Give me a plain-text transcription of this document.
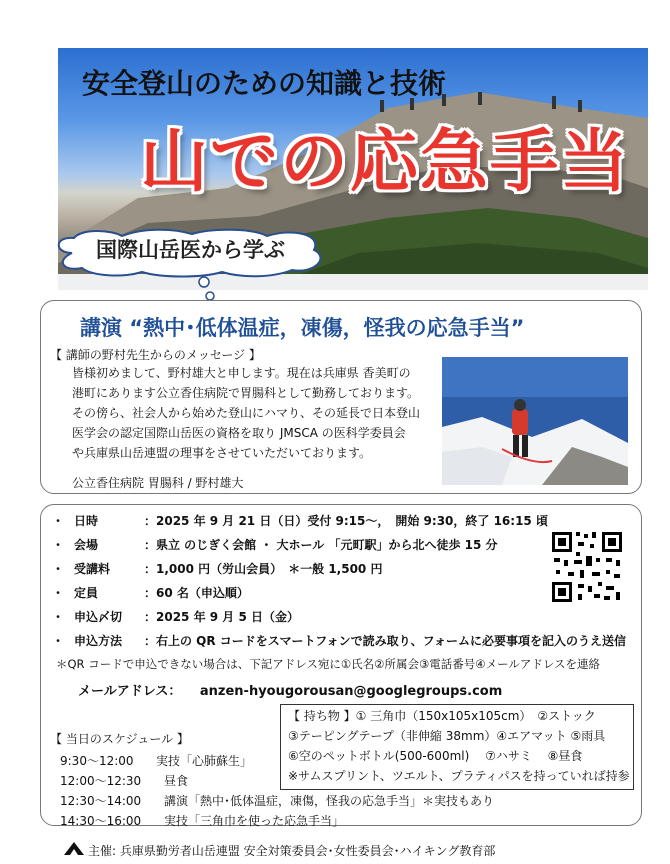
安全登山のための知識と技術
山での応急手当
国際山岳医から学ぶ
講演 “熱中･低体温症，凍傷，怪我の応急手当”
【 講師の野村先生からのメッセージ 】
皆様初めまして、野村雄大と申します。現在は兵庫県 香美町の
港町にあります公立香住病院で胃腸科として勤務しております。
その傍ら、社会人から始めた登山にハマり、その延長で日本登山
医学会の認定国際山岳医の資格を取り JMSCA の医科学委員会
や兵庫県山岳連盟の理事をさせていただいております。
公立香住病院 胃腸科 / 野村雄大
・ 日時	：2025 年 9 月 21 日（日）受付 9:15～，　開始 9:30，終了 16:15 頃
・ 会場	：県立 のじぎく会館 ・ 大ホール 「元町駅」から北へ徒歩 15 分
・ 受講料	：1,000 円（労山会員）　＊一般 1,500 円
・ 定員	：60 名（申込順）
・ 申込〆切 ：2025 年 9 月 5 日（金）
・ 申込方法 ：右上の QR コードをスマートフォンで読み取り、フォームに必要事項を記入のうえ送信
＊QR コードで申込できない場合は、下記アドレス宛に①氏名②所属会③電話番号④メールアドレスを連絡
メールアドレス： anzen-hyougorousan@googlegroups.com
【 持ち物 】① 三角巾（150x105x105cm）　②ストック
③テーピングテープ（非伸縮 38mm）④エアマット ⑤雨具
⑥空のペットボトル(500-600ml)　 ⑦ハサミ　 ⑧昼食
※サムスプリント、ツエルト、プラティパスを持っていれば持参
【 当日のスケジュール 】
9:30～12:00 実技「心肺蘇生」
12:00～12:30 昼食
12:30～14:00 講演「熱中･低体温症，凍傷，怪我の応急手当」＊実技もあり
14:30～16:00 実技「三角巾を使った応急手当」
主催: 兵庫県勤労者山岳連盟 安全対策委員会･女性委員会･ハイキング教育部
